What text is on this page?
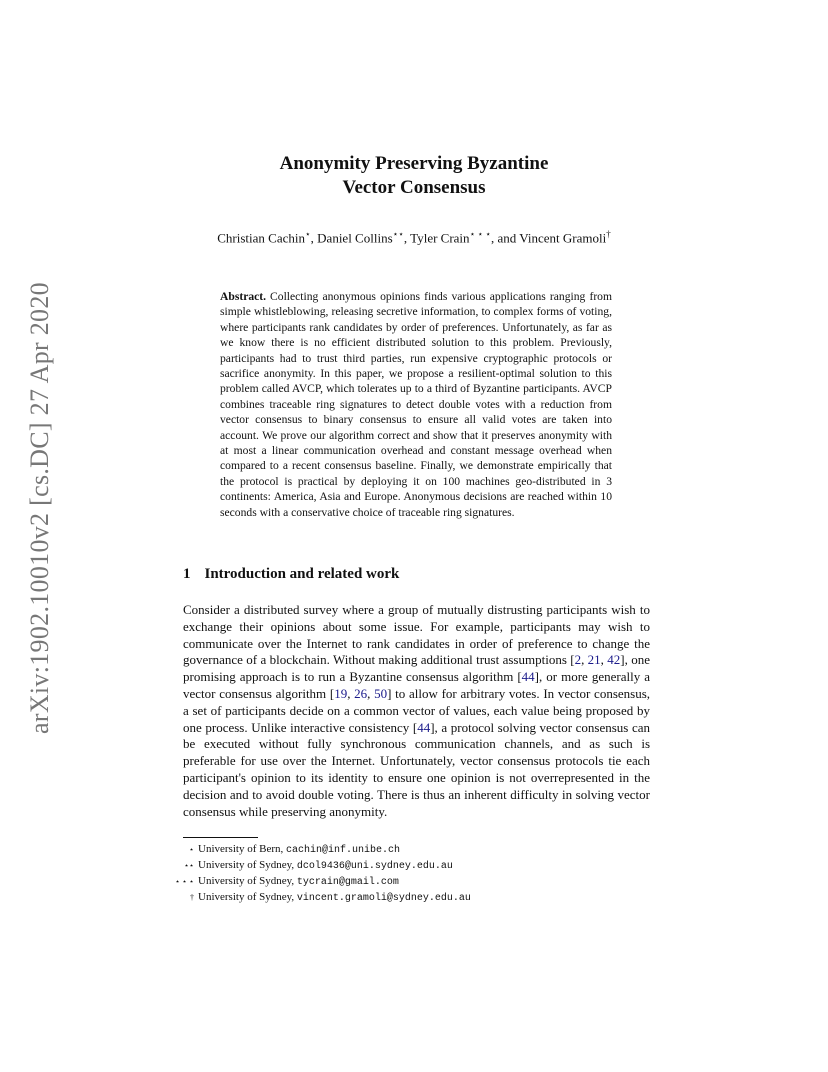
arXiv:1902.10010v2 [cs.DC] 27 Apr 2020
Anonymity Preserving Byzantine
Vector Consensus
Christian Cachin⋆, Daniel Collins⋆⋆, Tyler Crain⋆ ⋆ ⋆, and Vincent Gramoli†
Abstract. Collecting anonymous opinions finds various applications ranging from simple whistleblowing, releasing secretive information, to complex forms of voting, where participants rank candidates by order of preferences. Unfortunately, as far as we know there is no efficient distributed solution to this problem. Previously, participants had to trust third parties, run expensive cryptographic protocols or sacrifice anonymity. In this paper, we propose a resilient-optimal solution to this problem called AVCP, which tolerates up to a third of Byzantine participants. AVCP combines traceable ring signatures to detect double votes with a reduction from vector consensus to binary consensus to ensure all valid votes are taken into account. We prove our algorithm correct and show that it preserves anonymity with at most a linear communication overhead and constant message overhead when compared to a recent consensus baseline. Finally, we demonstrate empirically that the protocol is practical by deploying it on 100 machines geo-distributed in 3 continents: America, Asia and Europe. Anonymous decisions are reached within 10 seconds with a conservative choice of traceable ring signatures.
1 Introduction and related work
Consider a distributed survey where a group of mutually distrusting participants wish to exchange their opinions about some issue. For example, participants may wish to communicate over the Internet to rank candidates in order of preference to change the governance of a blockchain. Without making additional trust assumptions [2, 21, 42], one promising approach is to run a Byzantine consensus algorithm [44], or more generally a vector consensus algorithm [19, 26, 50] to allow for arbitrary votes. In vector consensus, a set of participants decide on a common vector of values, each value being proposed by one process. Unlike interactive consistency [44], a protocol solving vector consensus can be executed without fully synchronous communication channels, and as such is preferable for use over the Internet. Unfortunately, vector consensus protocols tie each participant's opinion to its identity to ensure one opinion is not overrepresented in the decision and to avoid double voting. There is thus an inherent difficulty in solving vector consensus while preserving anonymity.
⋆ University of Bern, cachin@inf.unibe.ch
⋆⋆ University of Sydney, dcol9436@uni.sydney.edu.au
⋆ ⋆ ⋆ University of Sydney, tycrain@gmail.com
† University of Sydney, vincent.gramoli@sydney.edu.au
